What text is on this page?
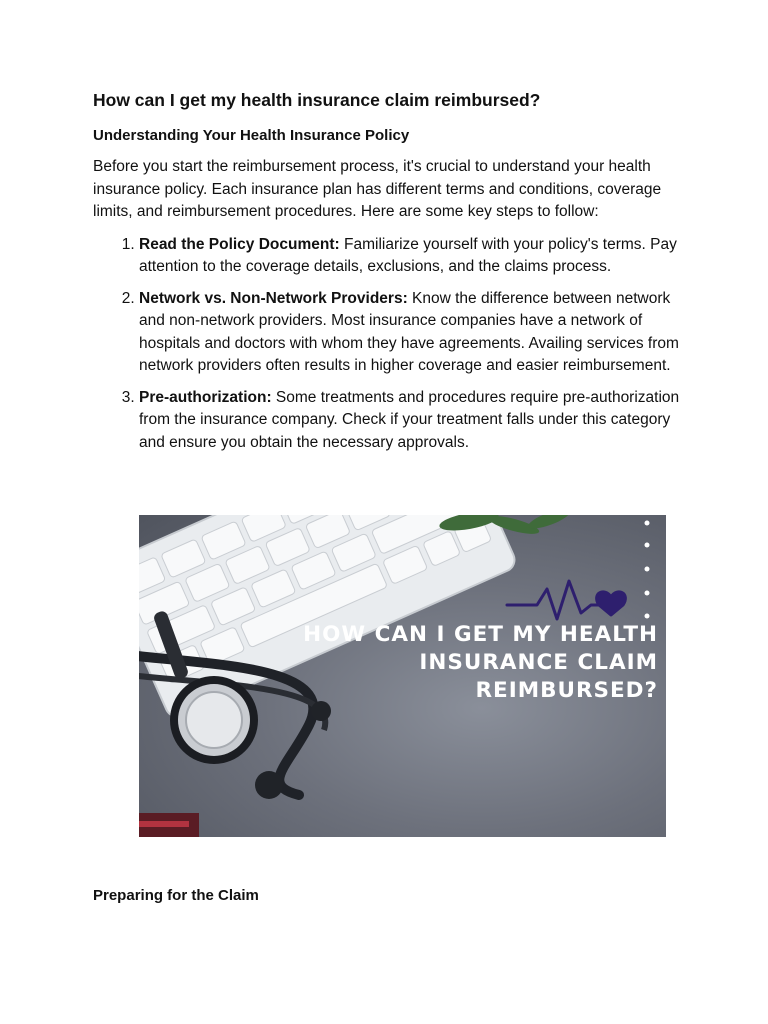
How can I get my health insurance claim reimbursed?
Understanding Your Health Insurance Policy

Before you start the reimbursement process, it's crucial to understand your health insurance policy. Each insurance plan has different terms and conditions, coverage limits, and reimbursement procedures. Here are some key steps to follow:

1. Read the Policy Document: Familiarize yourself with your policy's terms. Pay attention to the coverage details, exclusions, and the claims process.
2. Network vs. Non-Network Providers: Know the difference between network and non-network providers. Most insurance companies have a network of hospitals and doctors with whom they have agreements. Availing services from network providers often results in higher coverage and easier reimbursement.
3. Pre-authorization: Some treatments and procedures require pre-authorization from the insurance company. Check if your treatment falls under this category and ensure you obtain the necessary approvals.
HOW CAN I GET MY HEALTH INSURANCE CLAIM REIMBURSED?
Preparing for the Claim
